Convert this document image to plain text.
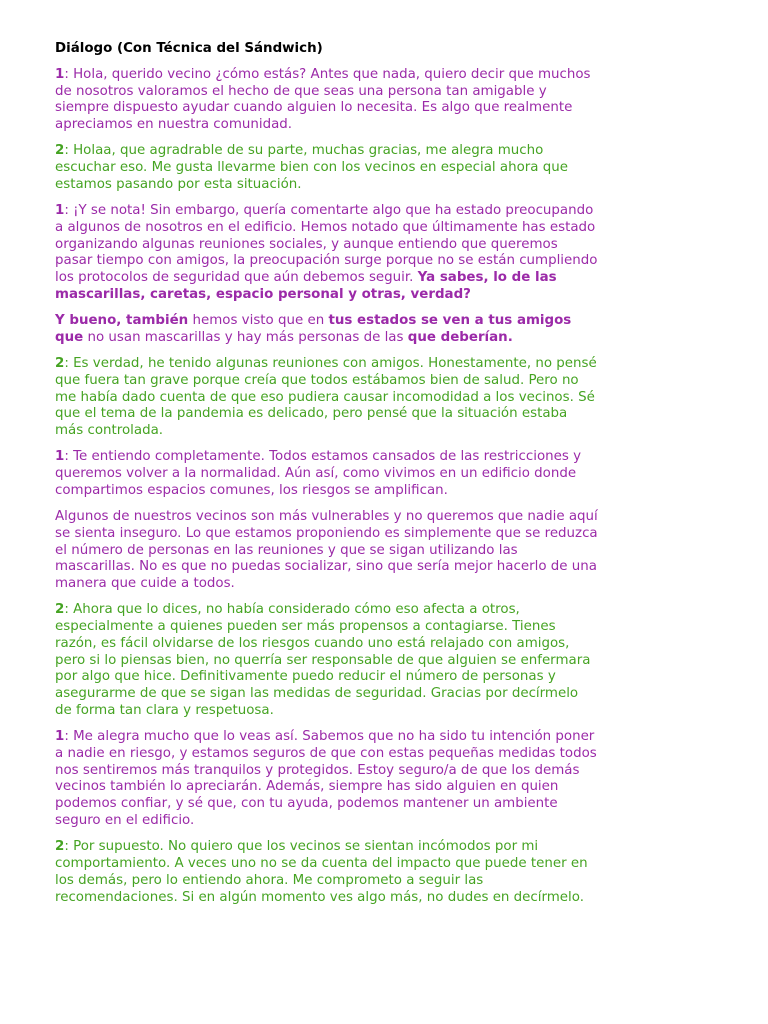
Diálogo (Con Técnica del Sándwich)

1: Hola, querido vecino ¿cómo estás? Antes que nada, quiero decir que muchos
de nosotros valoramos el hecho de que seas una persona tan amigable y
siempre dispuesto ayudar cuando alguien lo necesita. Es algo que realmente
apreciamos en nuestra comunidad.

2: Holaa, que agradrable de su parte, muchas gracias, me alegra mucho
escuchar eso. Me gusta llevarme bien con los vecinos en especial ahora que
estamos pasando por esta situación.

1: ¡Y se nota! Sin embargo, quería comentarte algo que ha estado preocupando
a algunos de nosotros en el edificio. Hemos notado que últimamente has estado
organizando algunas reuniones sociales, y aunque entiendo que queremos
pasar tiempo con amigos, la preocupación surge porque no se están cumpliendo
los protocolos de seguridad que aún debemos seguir. Ya sabes, lo de las
mascarillas, caretas, espacio personal y otras, verdad?

Y bueno, también hemos visto que en tus estados se ven a tus amigos
que no usan mascarillas y hay más personas de las que deberían.

2: Es verdad, he tenido algunas reuniones con amigos. Honestamente, no pensé
que fuera tan grave porque creía que todos estábamos bien de salud. Pero no
me había dado cuenta de que eso pudiera causar incomodidad a los vecinos. Sé
que el tema de la pandemia es delicado, pero pensé que la situación estaba
más controlada.

1: Te entiendo completamente. Todos estamos cansados de las restricciones y
queremos volver a la normalidad. Aún así, como vivimos en un edificio donde
compartimos espacios comunes, los riesgos se amplifican.

Algunos de nuestros vecinos son más vulnerables y no queremos que nadie aquí
se sienta inseguro. Lo que estamos proponiendo es simplemente que se reduzca
el número de personas en las reuniones y que se sigan utilizando las
mascarillas. No es que no puedas socializar, sino que sería mejor hacerlo de una
manera que cuide a todos.

2: Ahora que lo dices, no había considerado cómo eso afecta a otros,
especialmente a quienes pueden ser más propensos a contagiarse. Tienes
razón, es fácil olvidarse de los riesgos cuando uno está relajado con amigos,
pero si lo piensas bien, no querría ser responsable de que alguien se enfermara
por algo que hice. Definitivamente puedo reducir el número de personas y
asegurarme de que se sigan las medidas de seguridad. Gracias por decírmelo
de forma tan clara y respetuosa.

1: Me alegra mucho que lo veas así. Sabemos que no ha sido tu intención poner
a nadie en riesgo, y estamos seguros de que con estas pequeñas medidas todos
nos sentiremos más tranquilos y protegidos. Estoy seguro/a de que los demás
vecinos también lo apreciarán. Además, siempre has sido alguien en quien
podemos confiar, y sé que, con tu ayuda, podemos mantener un ambiente
seguro en el edificio.

2: Por supuesto. No quiero que los vecinos se sientan incómodos por mi
comportamiento. A veces uno no se da cuenta del impacto que puede tener en
los demás, pero lo entiendo ahora. Me comprometo a seguir las
recomendaciones. Si en algún momento ves algo más, no dudes en decírmelo.
